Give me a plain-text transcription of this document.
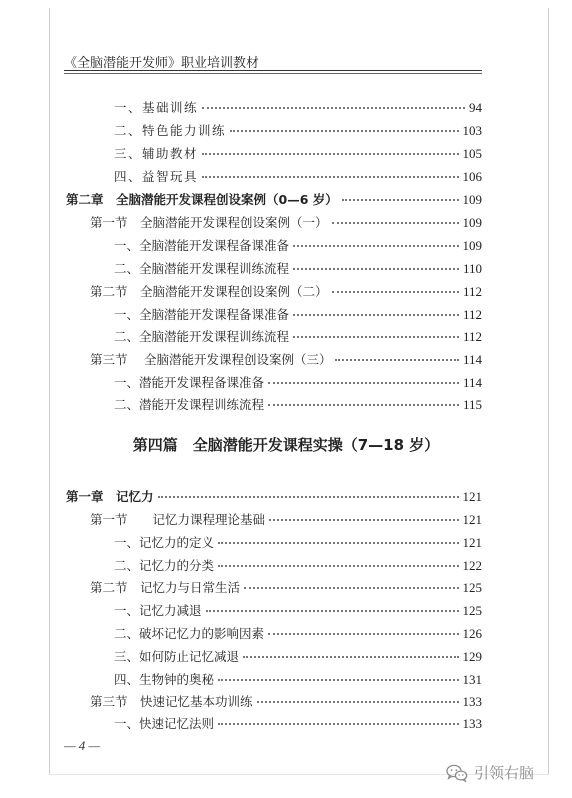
《全脑潜能开发师》职业培训教材
一、基础训练	94
二、特色能力训练	103
三、辅助教材	105
四、益智玩具	106
第二章　全脑潜能开发课程创设案例（0—6 岁）	109
第一节　全脑潜能开发课程创设案例（一）	109
一、全脑潜能开发课程备课准备	109
二、全脑潜能开发课程训练流程	110
第二节　全脑潜能开发课程创设案例（二）	112
一、全脑潜能开发课程备课准备	112
二、全脑潜能开发课程训练流程	112
第三节　 全脑潜能开发课程创设案例（三）	114
一、潜能开发课程备课准备	114
二、潜能开发课程训练流程	115
第四篇　全脑潜能开发课程实操（7—18 岁）
第一章　记忆力	121
第一节　　记忆力课程理论基础	121
一、记忆力的定义	121
二、记忆力的分类	122
第二节　记忆力与日常生活	125
一、记忆力减退	125
二、破坏记忆力的影响因素	126
三、如何防止记忆减退	129
四、生物钟的奥秘	131
第三节　快速记忆基本功训练	133
一、快速记忆法则	133
— 4 —
引领右脑
